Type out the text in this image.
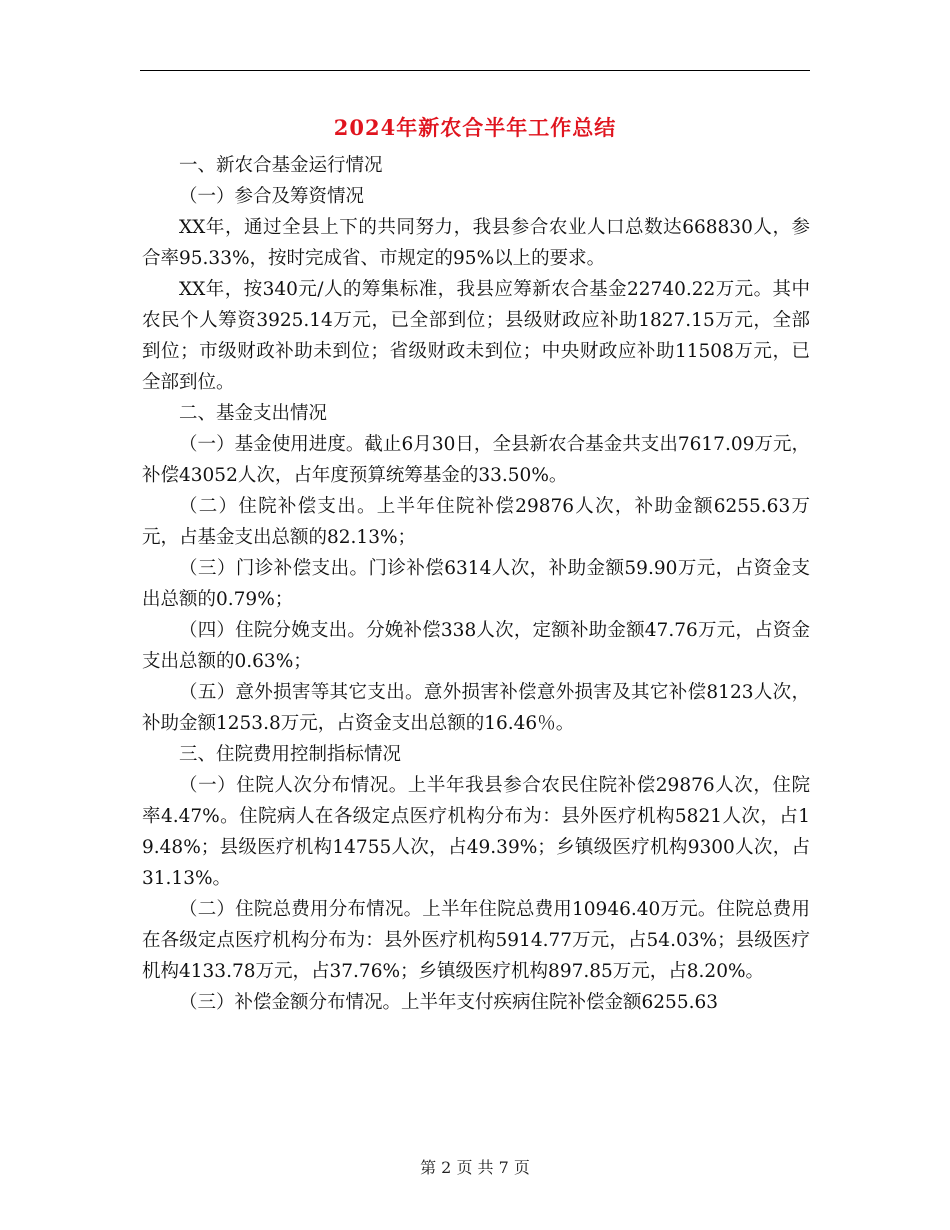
2024年新农合半年工作总结

一、新农合基金运行情况

（一）参合及筹资情况

XX年，通过全县上下的共同努力，我县参合农业人口总数达668830人，参合率95.33%，按时完成省、市规定的95%以上的要求。

XX年，按340元/人的筹集标准，我县应筹新农合基金22740.22万元。其中农民个人筹资3925.14万元，已全部到位；县级财政应补助1827.15万元，全部到位；市级财政补助未到位；省级财政未到位；中央财政应补助11508万元，已全部到位。

二、基金支出情况

（一）基金使用进度。截止6月30日，全县新农合基金共支出7617.09万元，补偿43052人次，占年度预算统筹基金的33.50%。

（二）住院补偿支出。上半年住院补偿29876人次，补助金额6255.63万元，占基金支出总额的82.13%；

（三）门诊补偿支出。门诊补偿6314人次，补助金额59.90万元，占资金支出总额的0.79%；

（四）住院分娩支出。分娩补偿338人次，定额补助金额47.76万元，占资金支出总额的0.63%；

（五）意外损害等其它支出。意外损害补偿意外损害及其它补偿8123人次，补助金额1253.8万元，占资金支出总额的16.46％。

三、住院费用控制指标情况

（一）住院人次分布情况。上半年我县参合农民住院补偿29876人次，住院率4.47%。住院病人在各级定点医疗机构分布为：县外医疗机构5821人次，占19.48%；县级医疗机构14755人次，占49.39%；乡镇级医疗机构9300人次，占31.13%。

（二）住院总费用分布情况。上半年住院总费用10946.40万元。住院总费用在各级定点医疗机构分布为：县外医疗机构5914.77万元，占54.03%；县级医疗机构4133.78万元，占37.76%；乡镇级医疗机构897.85万元，占8.20%。

（三）补偿金额分布情况。上半年支付疾病住院补偿金额6255.63

第 2 页 共 7 页
